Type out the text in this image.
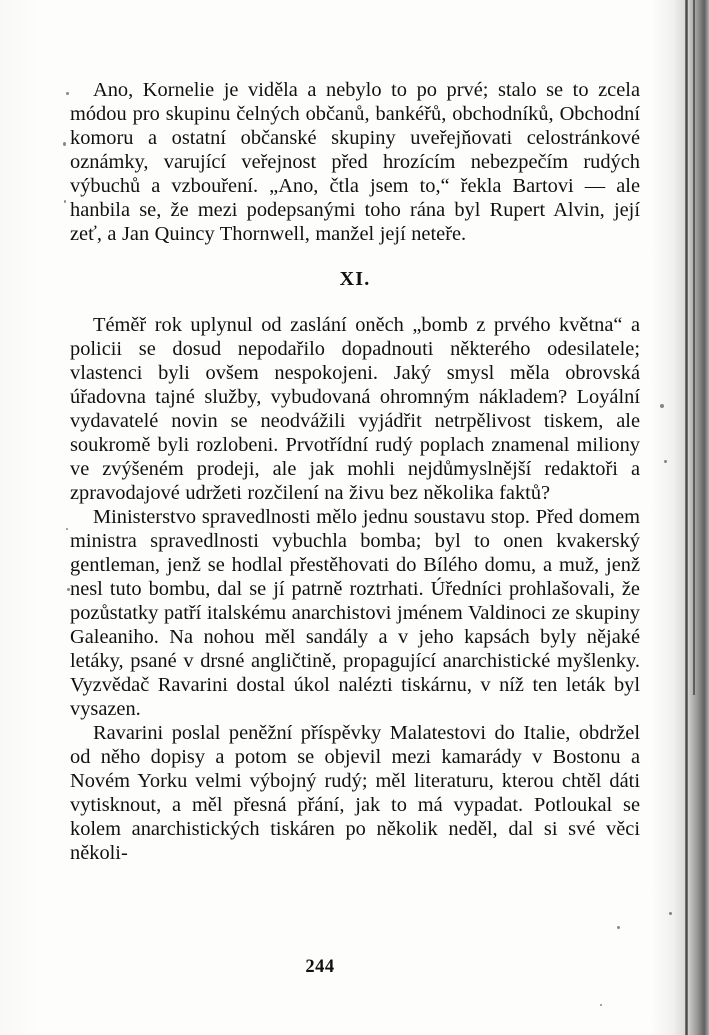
Ano, Kornelie je viděla a nebylo to po prvé; stalo se to zcela módou pro skupinu čelných občanů, bankéřů, obchodníků, Obchodní komoru a ostatní občanské skupiny uveřejňovati celostránkové oznámky, varující veřejnost před hrozícím nebezpečím rudých výbuchů a vzbouření. „Ano, čtla jsem to,“ řekla Bartovi — ale hanbila se, že mezi podepsanými toho rána byl Rupert Alvin, její zeť, a Jan Quincy Thornwell, manžel její neteře.

XI.

Téměř rok uplynul od zaslání oněch „bomb z prvého května“ a policii se dosud nepodařilo dopadnouti některého odesilatele; vlastenci byli ovšem nespokojeni. Jaký smysl měla obrovská úřadovna tajné služby, vybudovaná ohromným nákladem? Loyální vydavatelé novin se neodvážili vyjádřit netrpělivost tiskem, ale soukromě byli rozlobeni. Prvotřídní rudý poplach znamenal miliony ve zvýšeném prodeji, ale jak mohli nejdůmyslnější redaktoři a zpravodajové udržeti rozčilení na živu bez několika faktů?

Ministerstvo spravedlnosti mělo jednu soustavu stop. Před domem ministra spravedlnosti vybuchla bomba; byl to onen kvakerský gentleman, jenž se hodlal přestěhovati do Bílého domu, a muž, jenž nesl tuto bombu, dal se jí patrně roztrhati. Úředníci prohlašovali, že pozůstatky patří italskému anarchistovi jménem Valdinoci ze skupiny Galeaniho. Na nohou měl sandály a v jeho kapsách byly nějaké letáky, psané v drsné angličtině, propagující anarchistické myšlenky. Vyzvědač Ravarini dostal úkol nalézti tiskárnu, v níž ten leták byl vysazen.

Ravarini poslal peněžní příspěvky Malatestovi do Italie, obdržel od něho dopisy a potom se objevil mezi kamarády v Bostonu a Novém Yorku velmi výbojný rudý; měl literaturu, kterou chtěl dáti vytisknout, a měl přesná přání, jak to má vypadat. Potloukal se kolem anarchistických tiskáren po několik neděl, dal si své věci několi-

244
